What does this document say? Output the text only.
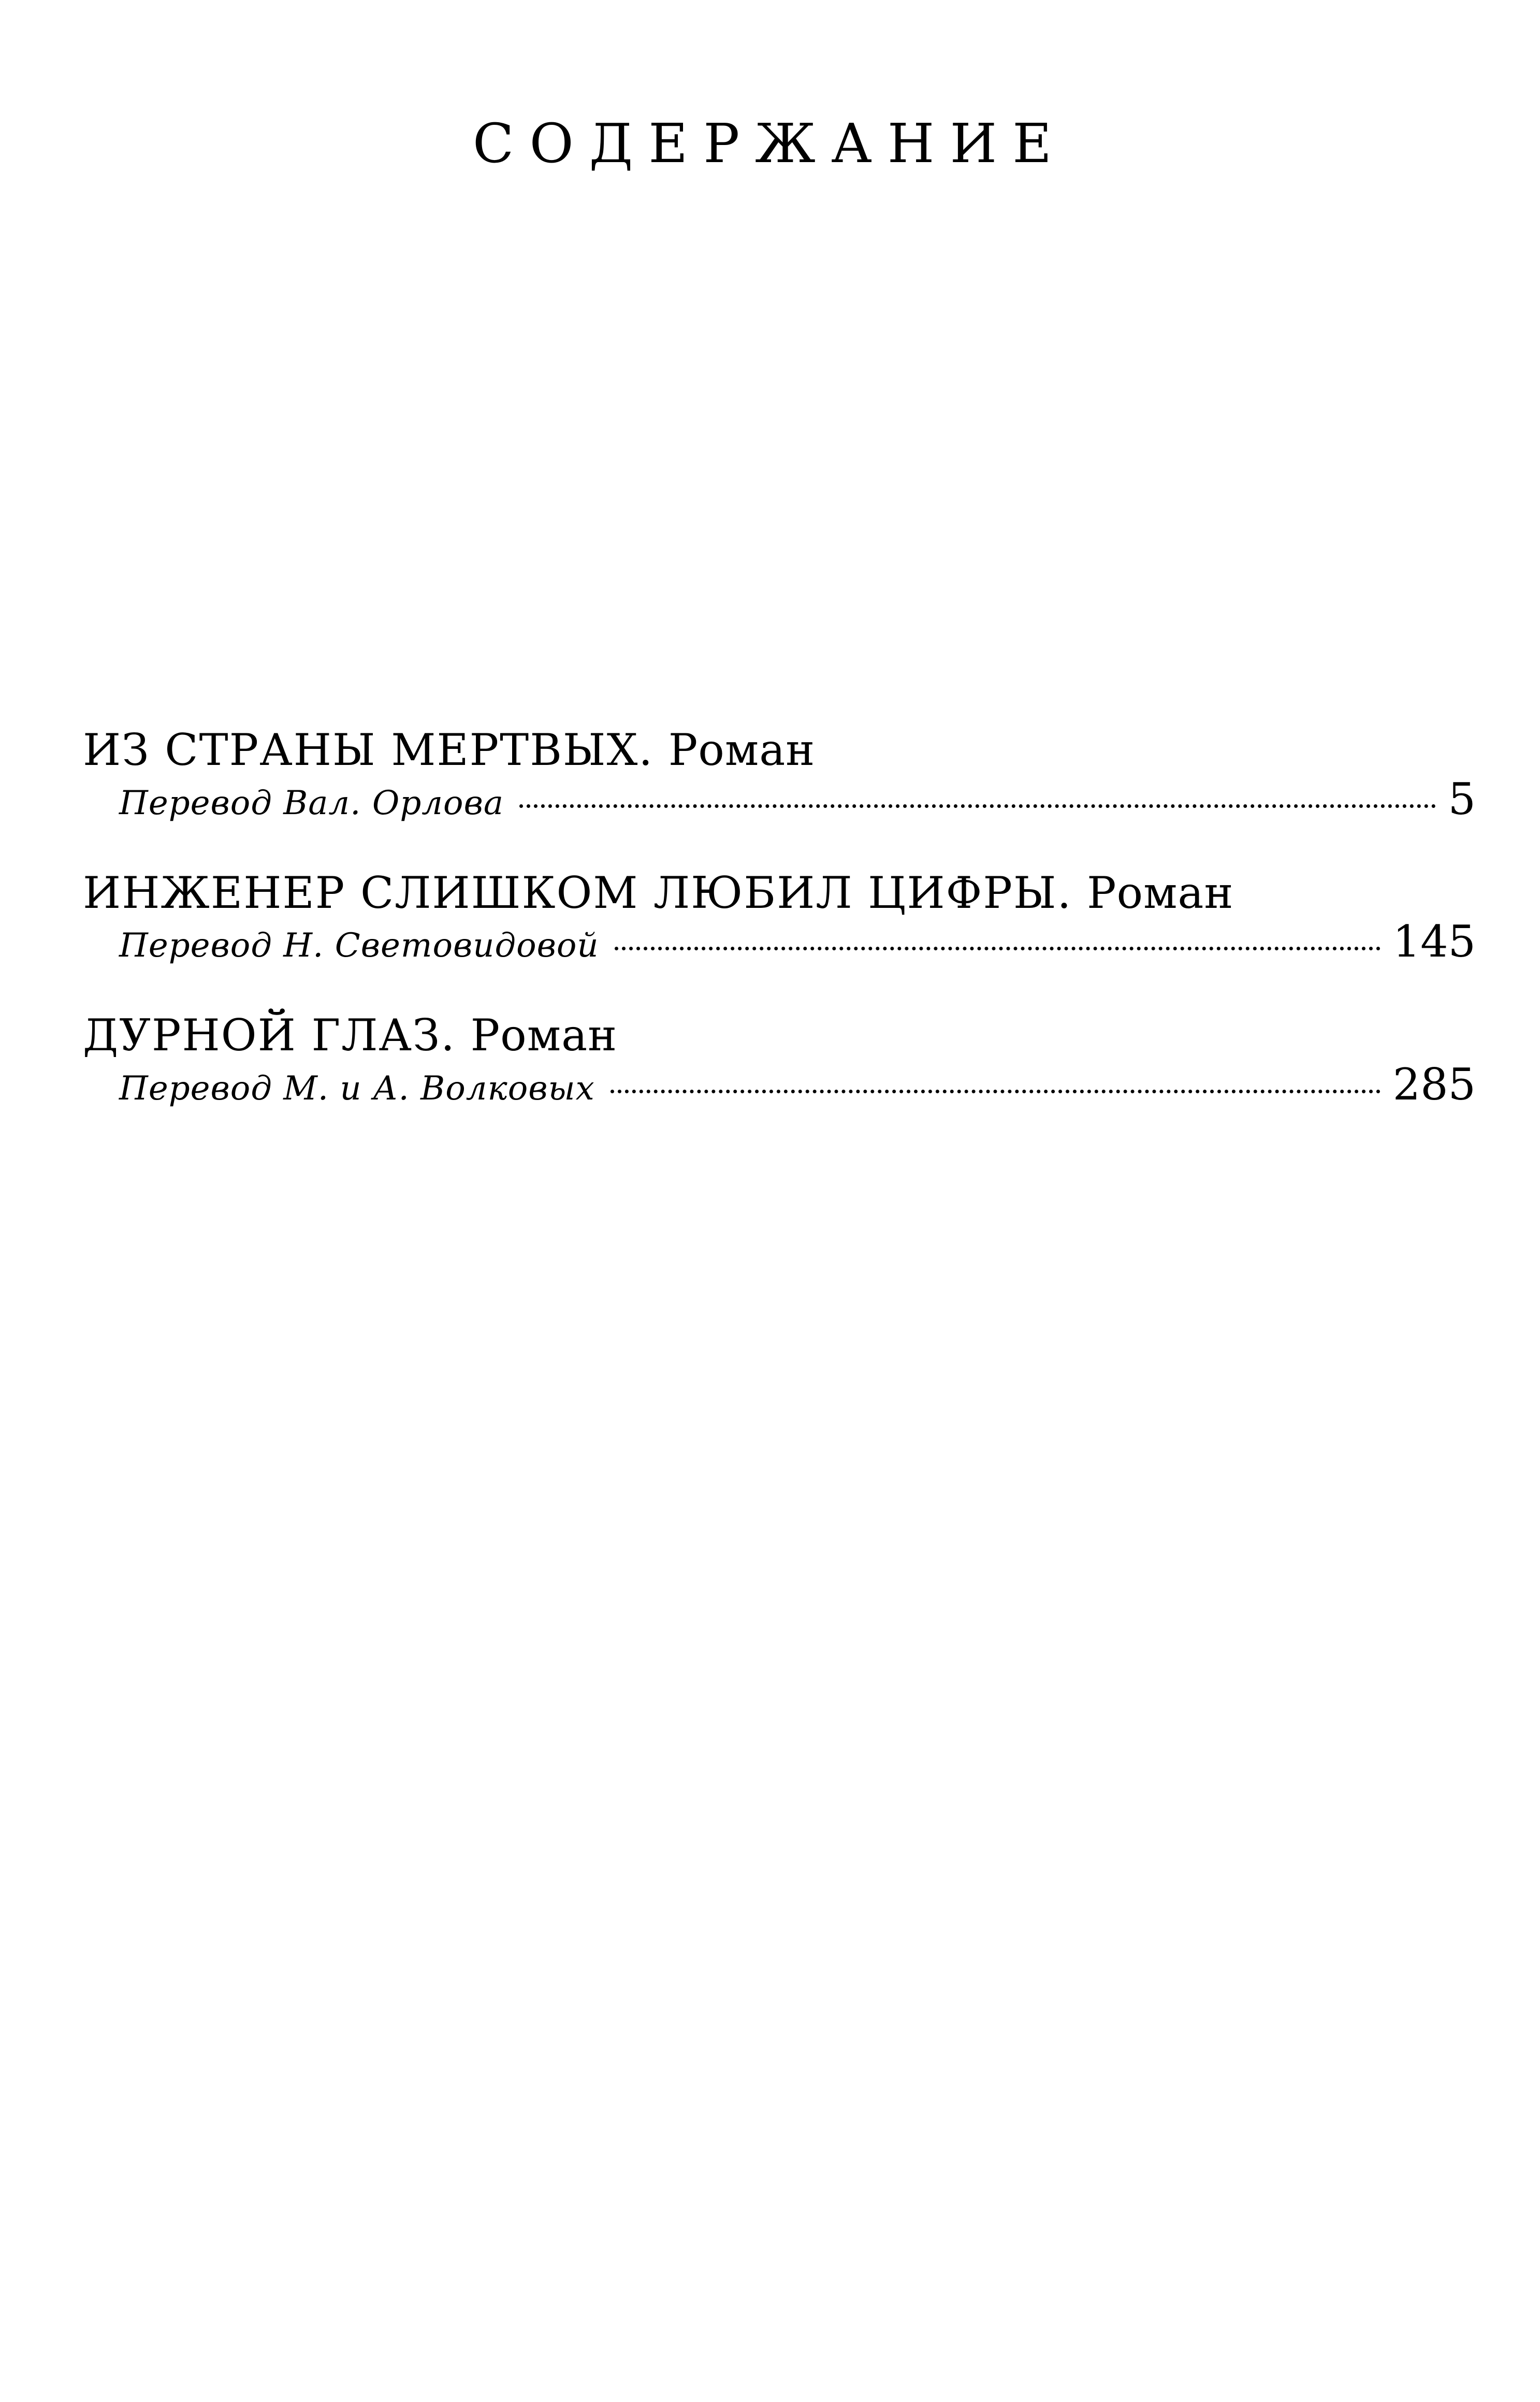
СОДЕРЖАНИЕ
ИЗ СТРАНЫ МЕРТВЫХ. Роман
Перевод Вал. Орлова	5
ИНЖЕНЕР СЛИШКОМ ЛЮБИЛ ЦИФРЫ. Роман
Перевод Н. Световидовой	145
ДУРНОЙ ГЛАЗ. Роман
Перевод М. и А. Волковых	285
